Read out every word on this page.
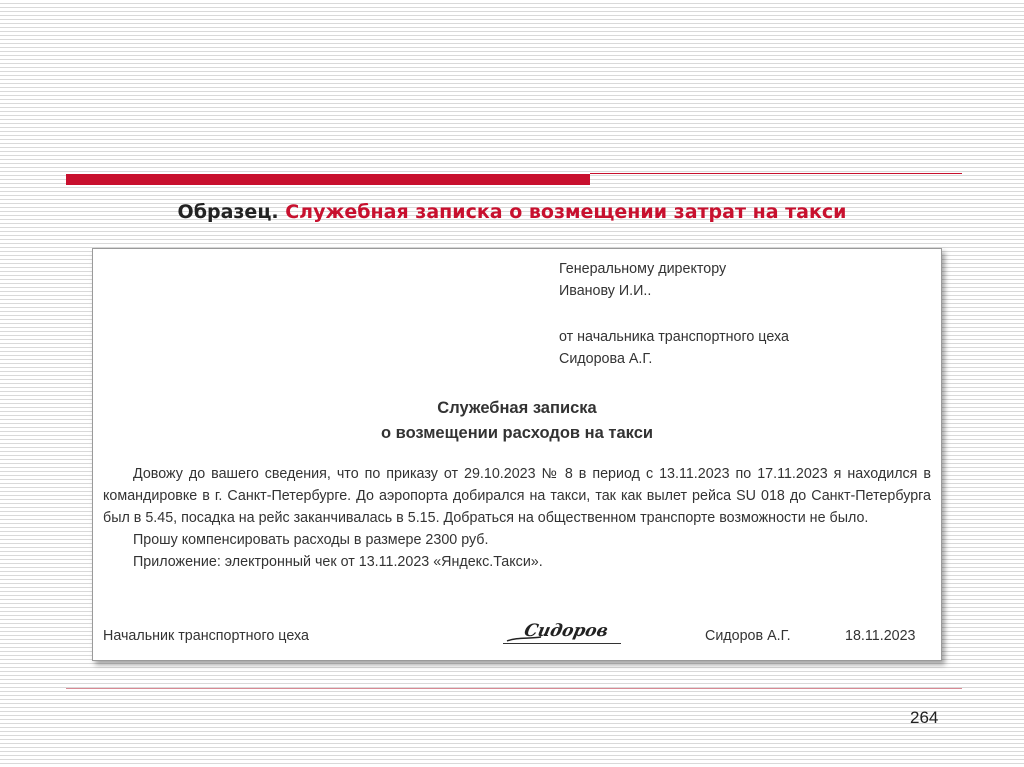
Образец. Служебная записка о возмещении затрат на такси
Генеральному директору
Иванову И.И..
от начальника транспортного цеха
Сидорова А.Г.
Служебная записка
о возмещении расходов на такси

Довожу до вашего сведения, что по приказу от 29.10.2023 № 8 в период с 13.11.2023 по 17.11.2023 я находился в командировке в г. Санкт-Петербурге. До аэропорта добирался на такси, так как вылет рейса SU 018 до Санкт-Петербурга был в 5.45, посадка на рейс заканчивалась в 5.15. Добраться на общественном транспорте возможности не было.

Прошу компенсировать расходы в размере 2300 руб.

Приложение: электронный чек от 13.11.2023 «Яндекс.Такси».

Начальник транспортного цеха	Сидоров	Сидоров А.Г.	18.11.2023
264
